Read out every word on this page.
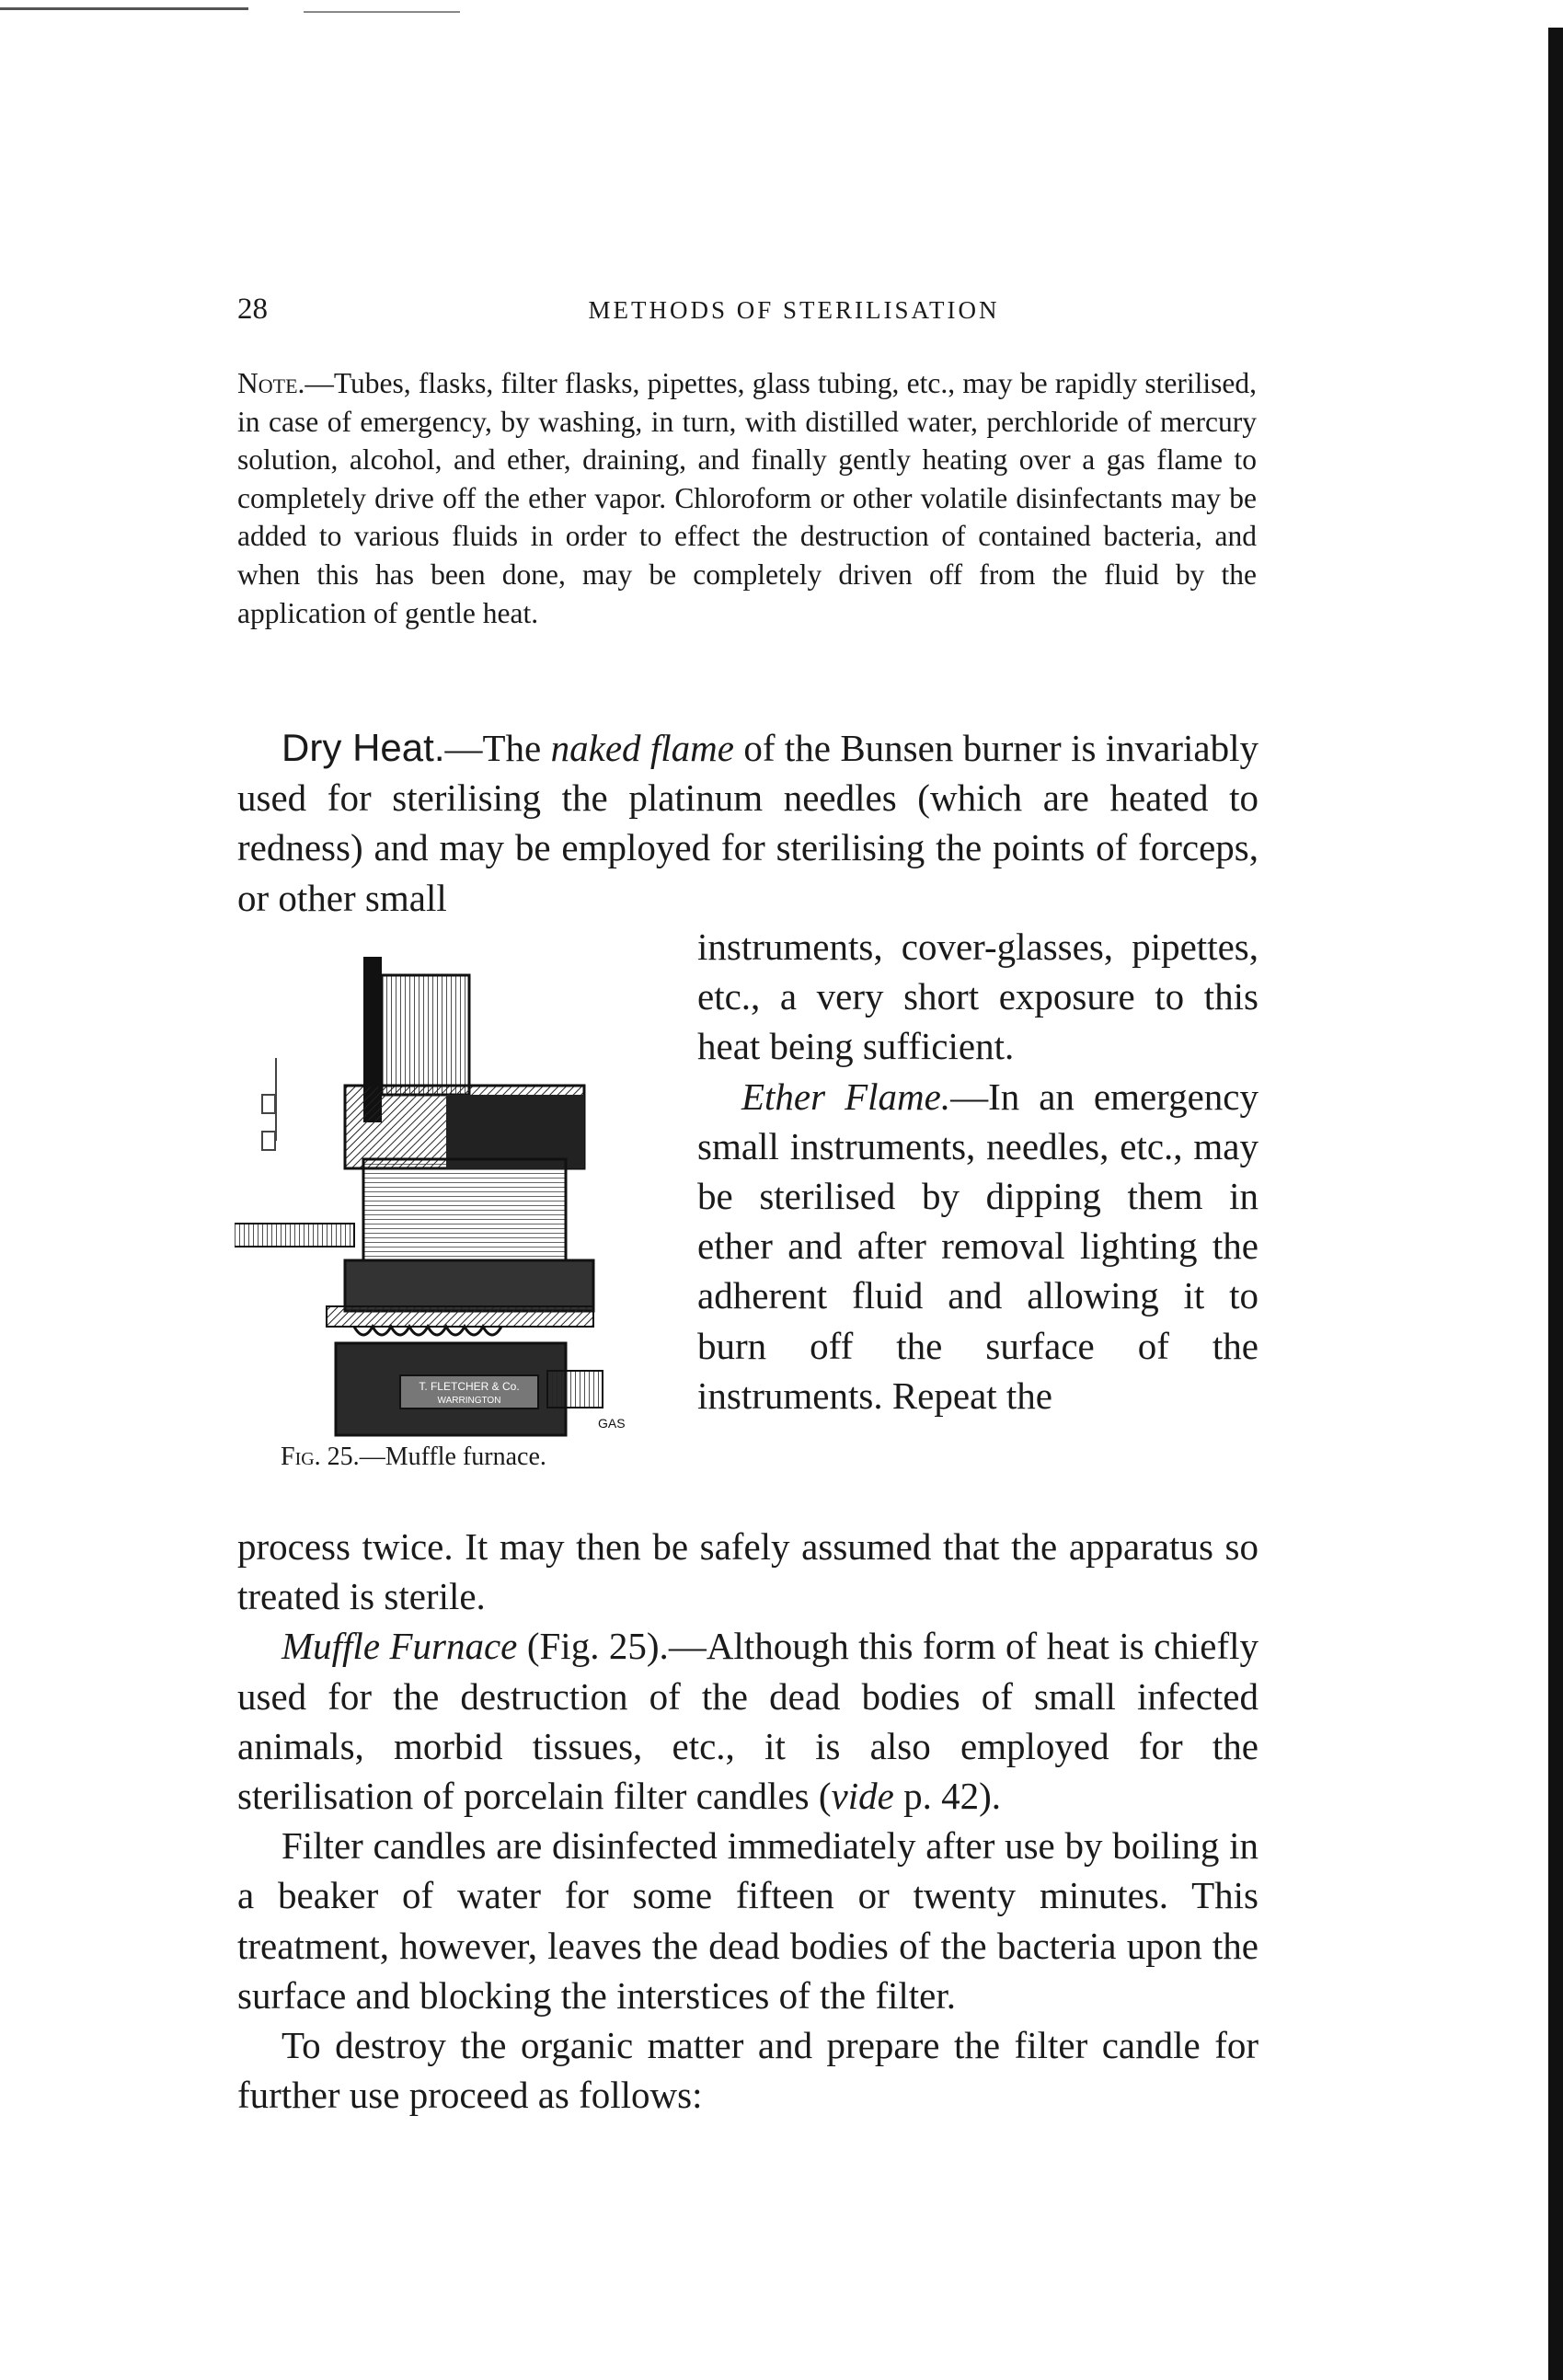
28	METHODS OF STERILISATION

Note.—Tubes, flasks, filter flasks, pipettes, glass tubing, etc., may be rapidly sterilised, in case of emergency, by washing, in turn, with distilled water, perchloride of mercury solution, alcohol, and ether, draining, and finally gently heating over a gas flame to completely drive off the ether vapor. Chloroform or other volatile disinfectants may be added to various fluids in order to effect the destruction of contained bacteria, and when this has been done, may be completely driven off from the fluid by the application of gentle heat.

Dry Heat.—The naked flame of the Bunsen burner is invariably used for sterilising the platinum needles (which are heated to redness) and may be employed for sterilising the points of forceps, or other small

T. FLETCHER & Co.
WARRINGTON
GAS
Fig. 25.—Muffle furnace.

instruments, cover-glasses, pipettes, etc., a very short exposure to this heat being sufficient.

Ether Flame.—In an emergency small instruments, needles, etc., may be sterilised by dipping them in ether and after removal lighting the adherent fluid and allowing it to burn off the surface of the instruments. Repeat the

process twice. It may then be safely assumed that the apparatus so treated is sterile.

Muffle Furnace (Fig. 25).—Although this form of heat is chiefly used for the destruction of the dead bodies of small infected animals, morbid tissues, etc., it is also employed for the sterilisation of porcelain filter candles (vide p. 42).

Filter candles are disinfected immediately after use by boiling in a beaker of water for some fifteen or twenty minutes. This treatment, however, leaves the dead bodies of the bacteria upon the surface and blocking the interstices of the filter.

To destroy the organic matter and prepare the filter candle for further use proceed as follows:
